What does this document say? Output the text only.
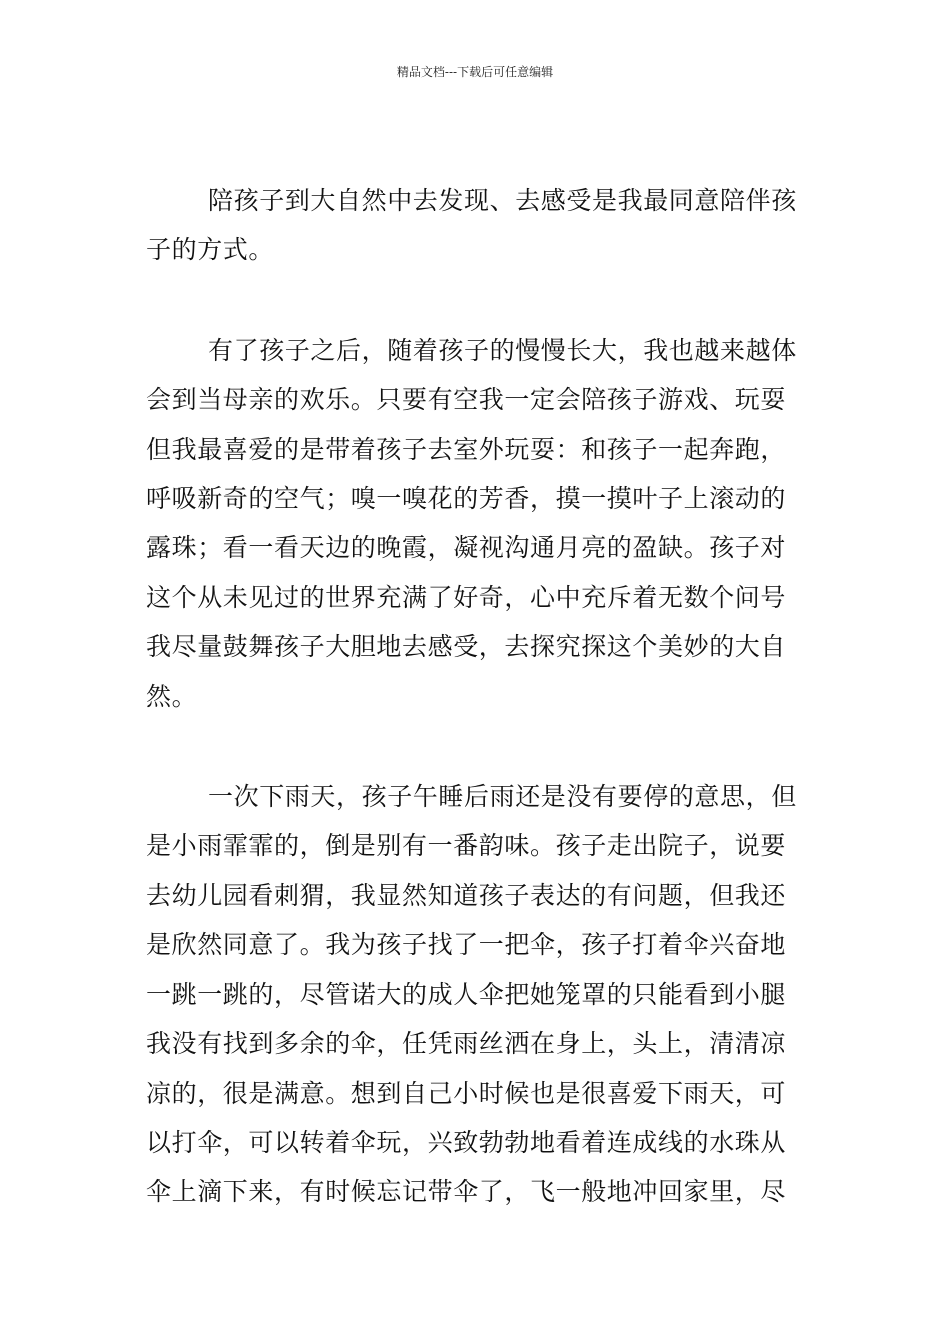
精品文档---下载后可任意编辑

陪孩子到大自然中去发现、去感受是我最同意陪伴孩子的方式。

有了孩子之后，随着孩子的慢慢长大，我也越来越体会到当母亲的欢乐。只要有空我一定会陪孩子游戏、玩耍但我最喜爱的是带着孩子去室外玩耍：和孩子一起奔跑，呼吸新奇的空气；嗅一嗅花的芳香，摸一摸叶子上滚动的露珠；看一看天边的晚霞，凝视沟通月亮的盈缺。孩子对这个从未见过的世界充满了好奇，心中充斥着无数个问号我尽量鼓舞孩子大胆地去感受，去探究探这个美妙的大自然。

一次下雨天，孩子午睡后雨还是没有要停的意思，但是小雨霏霏的，倒是别有一番韵味。孩子走出院子，说要去幼儿园看刺猬，我显然知道孩子表达的有问题，但我还是欣然同意了。我为孩子找了一把伞，孩子打着伞兴奋地一跳一跳的，尽管诺大的成人伞把她笼罩的只能看到小腿我没有找到多余的伞，任凭雨丝洒在身上，头上，清清凉凉的，很是满意。想到自己小时候也是很喜爱下雨天，可以打伞，可以转着伞玩，兴致勃勃地看着连成线的水珠从伞上滴下来，有时候忘记带伞了，飞一般地冲回家里，尽
